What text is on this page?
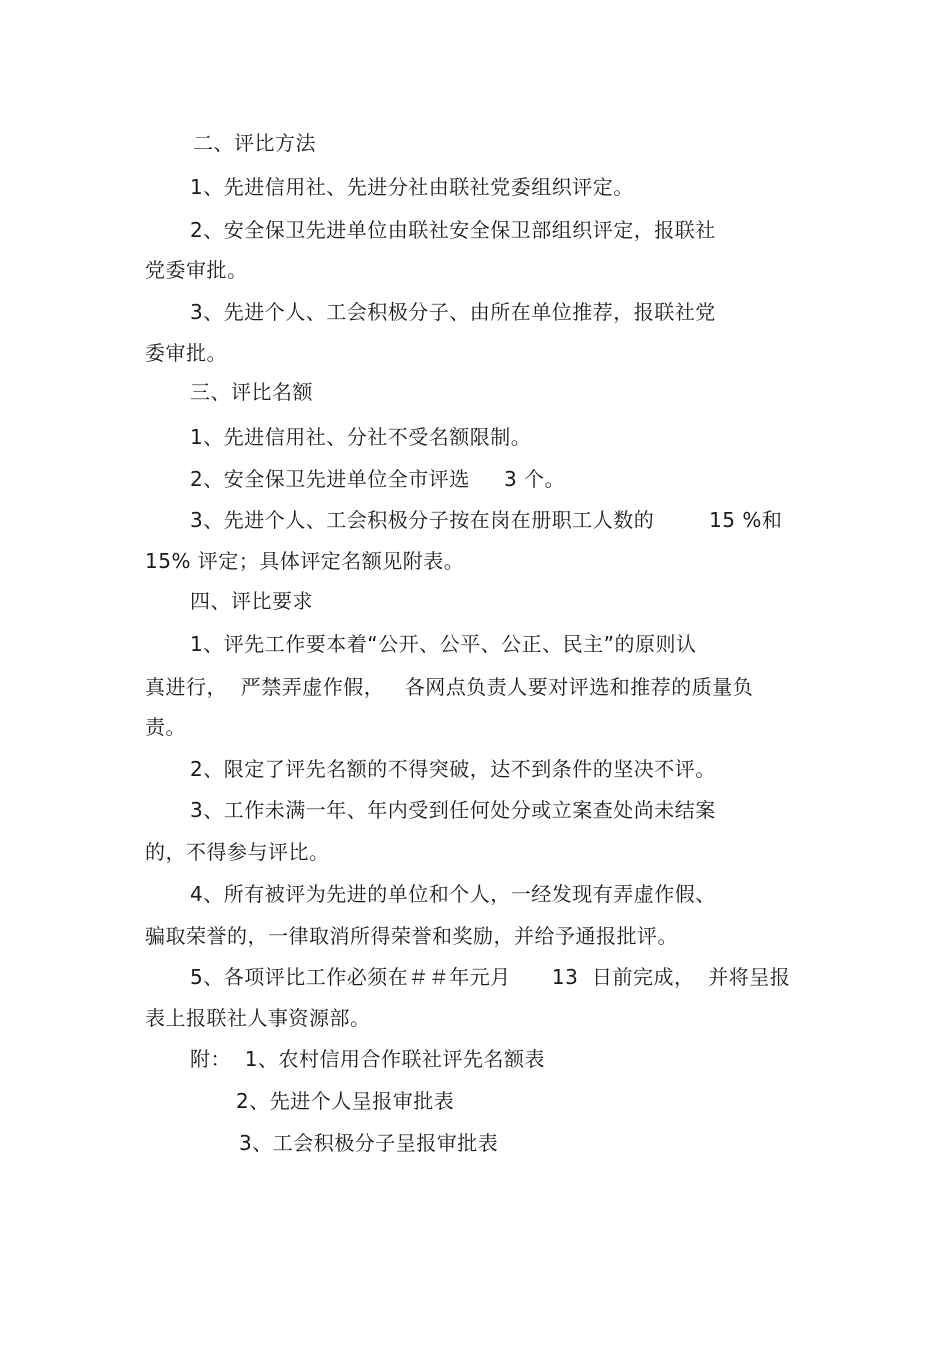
二、评比方法
1、先进信用社、先进分社由联社党委组织评定。
2、安全保卫先进单位由联社安全保卫部组织评定，报联社
党委审批。
3、先进个人、工会积极分子、由所在单位推荐，报联社党
委审批。
三、评比名额
1、先进信用社、分社不受名额限制。
2、安全保卫先进单位全市评选     3 个。
3、先进个人、工会积极分子按在岗在册职工人数的        15 %和
15% 评定；具体评定名额见附表。
四、评比要求
1、评先工作要本着“公开、公平、公正、民主”的原则认
真进行，  严禁弄虚作假，   各网点负责人要对评选和推荐的质量负
责。
2、限定了评先名额的不得突破，达不到条件的坚决不评。
3、工作未满一年、年内受到任何处分或立案查处尚未结案
的，不得参与评比。
4、所有被评为先进的单位和个人，一经发现有弄虚作假、
骗取荣誉的，一律取消所得荣誉和奖励，并给予通报批评。
5、各项评比工作必须在＃＃年元月      13  日前完成，  并将呈报
表上报联社人事资源部。
附：  1、农村信用合作联社评先名额表
2、先进个人呈报审批表
3、工会积极分子呈报审批表
